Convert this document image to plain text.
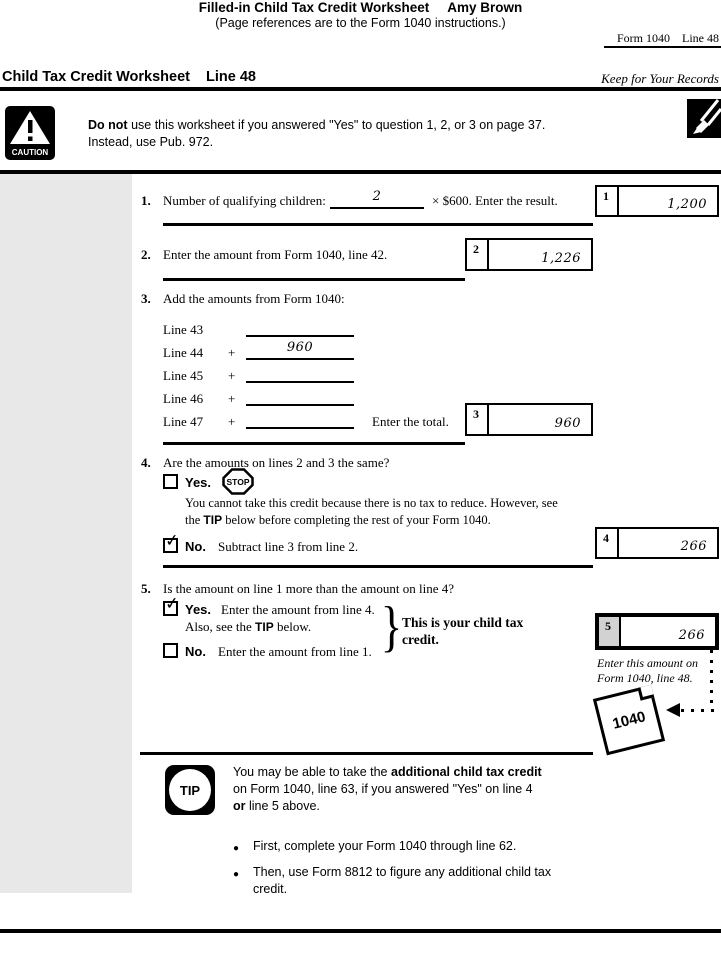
Filled-in Child Tax Credit Worksheet Amy Brown
(Page references are to the Form 1040 instructions.)
Form 1040 Line 48
Child Tax Credit Worksheet Line 48	Keep for Your Records
CAUTION
Do not use this worksheet if you answered "Yes" to question 1, 2, or 3 on page 37.
Instead, use Pub. 972.
1. Number of qualifying children:	2	× $600. Enter the result.	1
1,200
2. Enter the amount from Form 1040, line 42.	2
1,226
3. Add the amounts from Form 1040:
Line 43
Line 44 +	960
Line 45 +
Line 46 +
Line 47 +	Enter the total.	3
960
4. Are the amounts on lines 2 and 3 the same?
Yes. STOP
You cannot take this credit because there is no tax to reduce. However, see
the TIP below before completing the rest of your Form 1040.
✓ No. Subtract line 3 from line 2.
4
266
5. Is the amount on line 1 more than the amount on line 4?
✓ Yes. Enter the amount from line 4.
Also, see the TIP below.
No. Enter the amount from line 1. } This is your child tax
credit.
5
266
Enter this amount on
Form 1040, line 48.
1040
TIP
You may be able to take the additional child tax credit
on Form 1040, line 63, if you answered "Yes" on line 4
or line 5 above.
●	First, complete your Form 1040 through line 62.
●	Then, use Form 8812 to figure any additional child tax credit.
